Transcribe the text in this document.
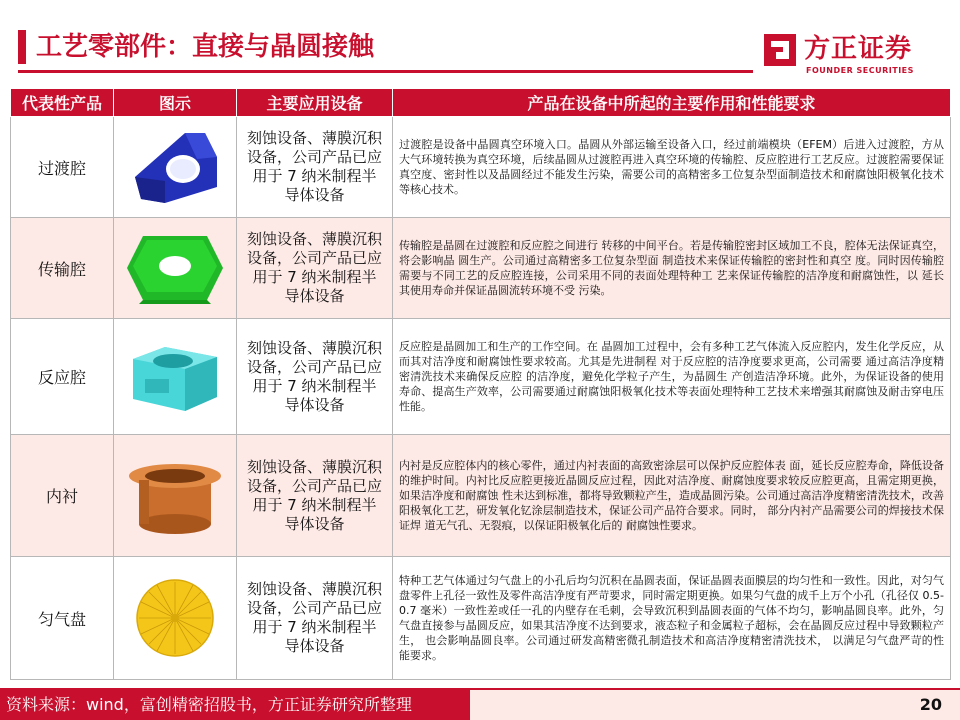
工艺零部件：直接与晶圆接触	方正证券
FOUNDER SECURITIES
代表性产品	图示	主要应用设备	产品在设备中所起的主要作用和性能要求
过渡腔		刻蚀设备、薄膜沉积设备，公司产品已应用于 7 纳米制程半导体设备	过渡腔是设备中晶圆真空环境入口。晶圆从外部运输至设备入口，经过前端模块（EFEM）后进入过渡腔，方从大气环境转换为真空环境，后续晶圆从过渡腔再进入真空环境的传输腔、反应腔进行工艺反应。过渡腔需要保证真空度、密封性以及晶圆经过不能发生污染，需要公司的高精密多工位复杂型面制造技术和耐腐蚀阳极氧化技术等核心技术。
传输腔		刻蚀设备、薄膜沉积设备，公司产品已应用于 7 纳米制程半导体设备	传输腔是晶圆在过渡腔和反应腔之间进行 转移的中间平台。若是传输腔密封区域加工不良，腔体无法保证真空，将会影响晶 圆生产。公司通过高精密多工位复杂型面 制造技术来保证传输腔的密封性和真空 度。同时因传输腔需要与不同工艺的反应腔连接，公司采用不同的表面处理特种工 艺来保证传输腔的洁净度和耐腐蚀性，以 延长其使用寿命并保证晶圆流转环境不受 污染。
反应腔		刻蚀设备、薄膜沉积设备，公司产品已应用于 7 纳米制程半导体设备	反应腔是晶圆加工和生产的工作空间。在 晶圆加工过程中，会有多种工艺气体流入反应腔内，发生化学反应，从而其对洁净度和耐腐蚀性要求较高。尤其是先进制程 对于反应腔的洁净度要求更高，公司需要 通过高洁净度精密清洗技术来确保反应腔 的洁净度，避免化学粒子产生，为晶圆生 产创造洁净环境。此外，为保证设备的使用寿命、提高生产效率，公司需要通过耐腐蚀阳极氧化技术等表面处理特种工艺技术来增强其耐腐蚀及耐击穿电压性能。
内衬		刻蚀设备、薄膜沉积设备，公司产品已应用于 7 纳米制程半导体设备	内衬是反应腔体内的核心零件，通过内衬表面的高致密涂层可以保护反应腔体表 面，延长反应腔寿命，降低设备的维护时间。内衬比反应腔更接近晶圆反应过程，因此对洁净度、耐腐蚀度要求较反应腔更高，且需定期更换，如果洁净度和耐腐蚀 性未达到标准，都将导致颗粒产生，造成晶圆污染。公司通过高洁净度精密清洗技术，改善阳极氧化工艺，研发氧化钇涂层制造技术，保证公司产品符合要求。同时， 部分内衬产品需要公司的焊接技术保证焊 道无气孔、无裂痕，以保证阳极氧化后的 耐腐蚀性要求。
匀气盘		刻蚀设备、薄膜沉积设备，公司产品已应用于 7 纳米制程半导体设备	特种工艺气体通过匀气盘上的小孔后均匀沉积在晶圆表面，保证晶圆表面膜层的均匀性和一致性。因此，对匀气盘零件上孔径一致性及零件高洁净度有严苛要求，同时需定期更换。如果匀气盘的成千上万个小孔（孔径仅 0.5-0.7 毫米）一致性差或任一孔的内壁存在毛刺，会导致沉积到晶圆表面的气体不均匀，影响晶圆良率。此外，匀气盘直接参与晶圆反应，如果其洁净度不达到要求，液态粒子和金属粒子超标，会在晶圆反应过程中导致颗粒产生， 也会影响晶圆良率。公司通过研发高精密微孔制造技术和高洁净度精密清洗技术， 以满足匀气盘严苛的性能要求。
资料来源：wind，富创精密招股书，方正证券研究所整理	20
